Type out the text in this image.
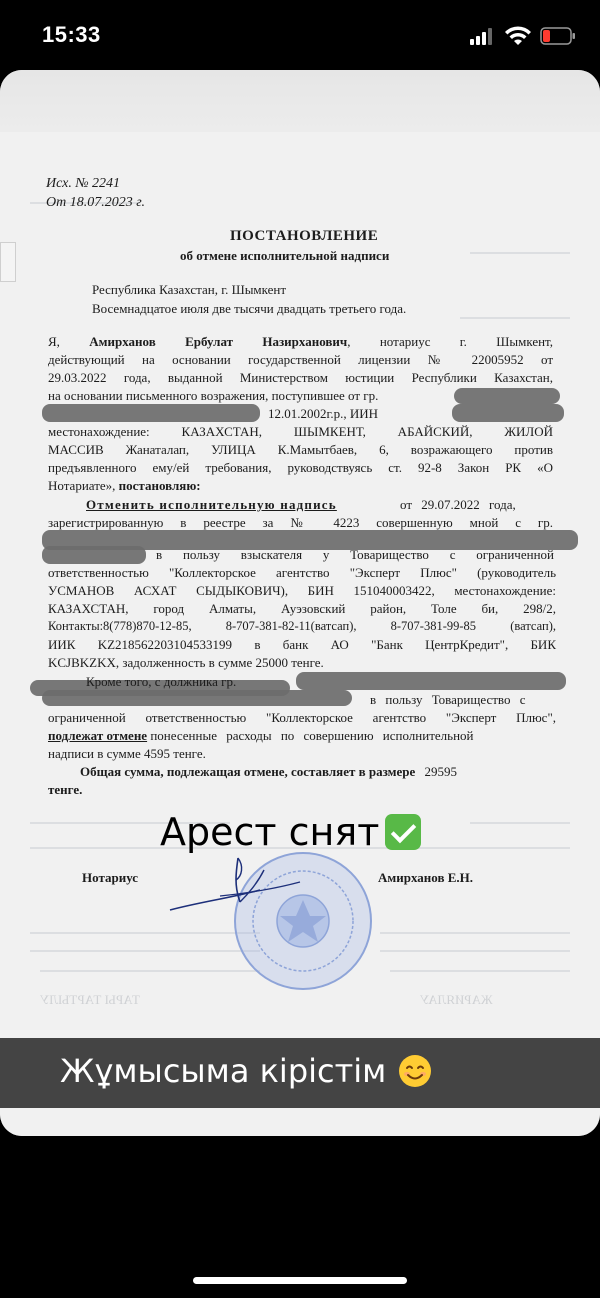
15:33
Исх. № 2241
От 18.07.2023 г.
ПОСТАНОВЛЕНИЕ
об отмене исполнительной надписи
Республика Казахстан, г. Шымкент
Восемнадцатое июля две тысячи двадцать третьего года.
Я, Амирханов Ербулат Назирханович, нотариус г. Шымкент,
действующий на основании государственной лицензии № 22005952 от
29.03.2022 года, выданной Министерством юстиции Республики Казахстан,
на основании письменного возражения, поступившее от гр.
12.01.2002г.р., ИИН
местонахождение: КАЗАХСТАН, ШЫМКЕНТ, АБАЙСКИЙ, ЖИЛОЙ
МАССИВ Жанаталап, УЛИЦА К.Мамытбаев, 6, возражающего против
предъявленного ему/ей требования, руководствуясь ст. 92-8 Закон РК «О
Нотариате», постановляю:
Отменить исполнительную надпись	от 29.07.2022 года,
зарегистрированную в реестре за № 4223 совершенную мной с гр.
в пользу взыскателя у Товарищество с ограниченной
ответственностью "Коллекторское агентство "Эксперт Плюс" (руководитель
УСМАНОВ АСХАТ СЫДЫКОВИЧ), БИН 151040003422, местонахождение:
КАЗАХСТАН, город Алматы, Ауэзовский район, Толе би, 298/2,
Контакты:8(778)870-12-85, 8-707-381-82-11(ватсап), 8-707-381-99-85 (ватсап),
ИИК KZ218562203104533199 в банк АО "Банк ЦентрКредит", БИК
KCJBKZKX, задолженность в сумме 25000 тенге.
Кроме того, с должника гр.
в пользу Товарищество с
ограниченной ответственностью "Коллекторское агентство "Эксперт Плюс",
подлежат отмене понесенные расходы по совершению исполнительной
надписи в сумме 4595 тенге.
Общая сумма, подлежащая отмене, составляет в размере 29595
тенге.
Нотариус	Амирханов Е.Н.
ТАРЫ ТАРТЫЛУ	ЖАРИЯЛАУ
Арест снят
Жұмысыма кірістім
